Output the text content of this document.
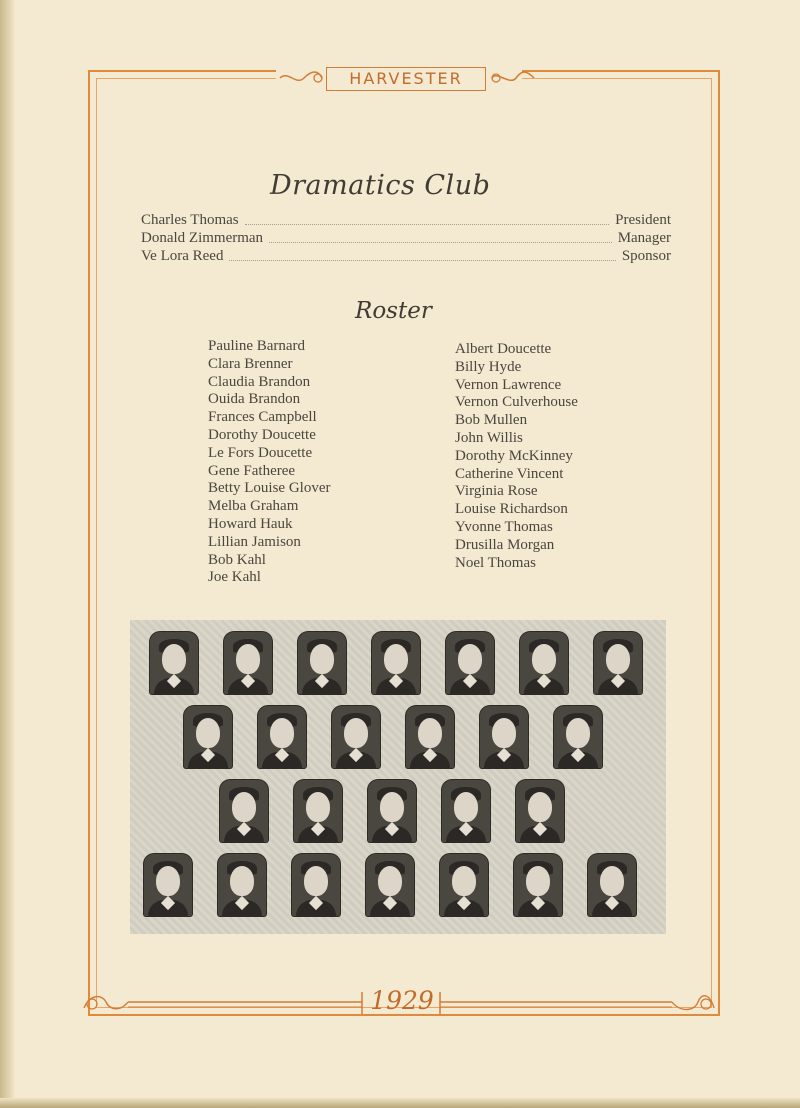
HARVESTER
Dramatics Club
Charles Thomas	President
Donald Zimmerman	Manager
Ve Lora Reed	Sponsor
Roster
Pauline Barnard
Clara Brenner
Claudia Brandon
Ouida Brandon
Frances Campbell
Dorothy Doucette
Le Fors Doucette
Gene Fatheree
Betty Louise Glover
Melba Graham
Howard Hauk
Lillian Jamison
Bob Kahl
Joe Kahl
Albert Doucette
Billy Hyde
Vernon Lawrence
Vernon Culverhouse
Bob Mullen
John Willis
Dorothy McKinney
Catherine Vincent
Virginia Rose
Louise Richardson
Yvonne Thomas
Drusilla Morgan
Noel Thomas
1929
